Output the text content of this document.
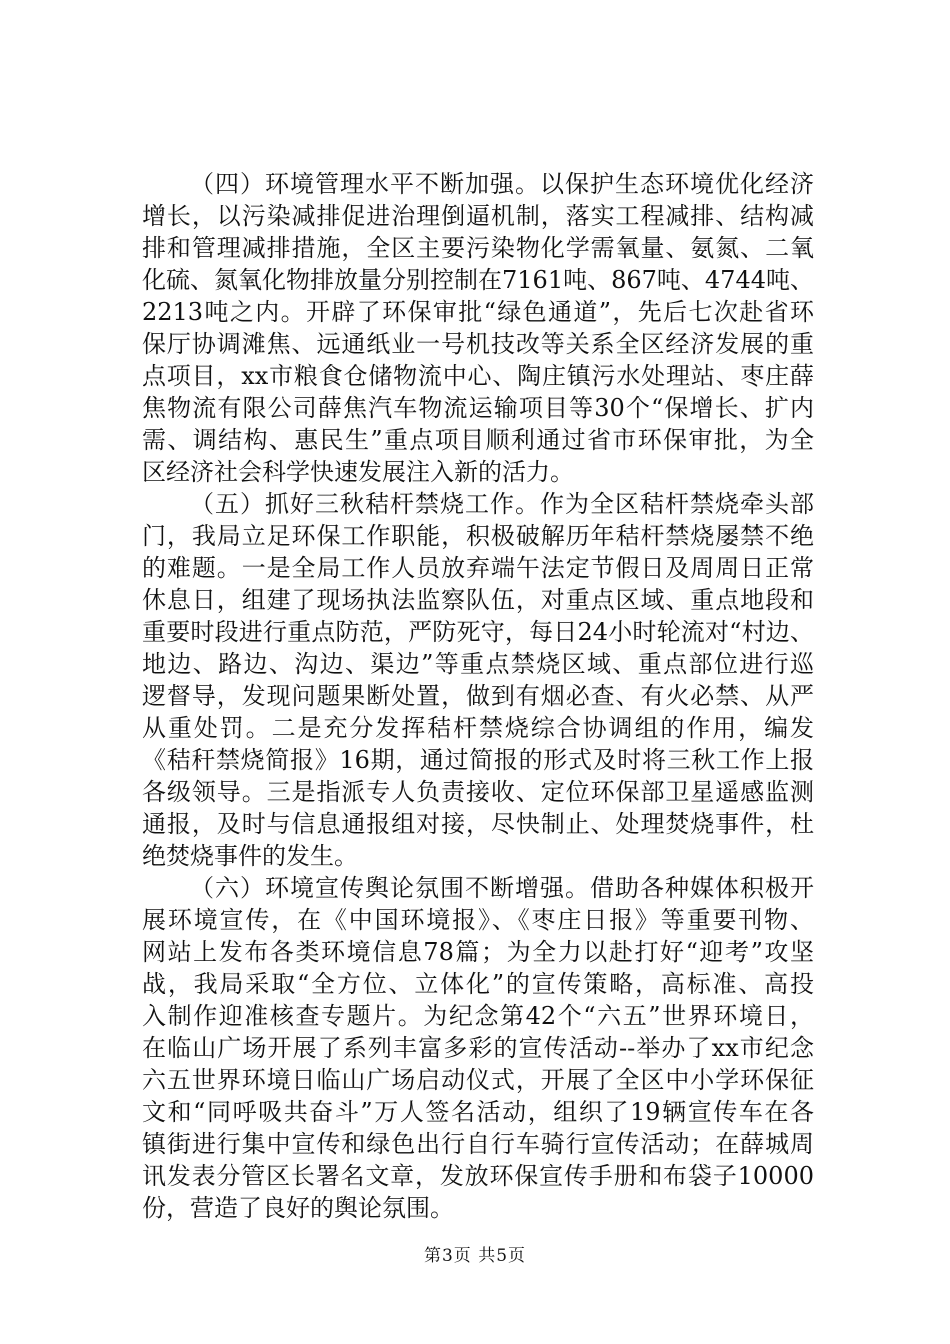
（四）环境管理水平不断加强。以保护生态环境优化经济
增长，以污染减排促进治理倒逼机制，落实工程减排、结构减
排和管理减排措施，全区主要污染物化学需氧量、氨氮、二氧
化硫、氮氧化物排放量分别控制在7161吨、867吨、4744吨、
2213吨之内。开辟了环保审批“绿色通道”，先后七次赴省环
保厅协调滩焦、远通纸业一号机技改等关系全区经济发展的重
点项目，xx市粮食仓储物流中心、陶庄镇污水处理站、枣庄薛
焦物流有限公司薛焦汽车物流运输项目等30个“保增长、扩内
需、调结构、惠民生”重点项目顺利通过省市环保审批，为全
区经济社会科学快速发展注入新的活力。
（五）抓好三秋秸杆禁烧工作。作为全区秸杆禁烧牵头部
门，我局立足环保工作职能，积极破解历年秸杆禁烧屡禁不绝
的难题。一是全局工作人员放弃端午法定节假日及周周日正常
休息日，组建了现场执法监察队伍，对重点区域、重点地段和
重要时段进行重点防范，严防死守，每日24小时轮流对“村边、
地边、路边、沟边、渠边”等重点禁烧区域、重点部位进行巡
逻督导，发现问题果断处置，做到有烟必查、有火必禁、从严
从重处罚。二是充分发挥秸杆禁烧综合协调组的作用，编发
《秸秆禁烧简报》16期，通过简报的形式及时将三秋工作上报
各级领导。三是指派专人负责接收、定位环保部卫星遥感监测
通报，及时与信息通报组对接，尽快制止、处理焚烧事件，杜
绝焚烧事件的发生。
（六）环境宣传舆论氛围不断增强。借助各种媒体积极开
展环境宣传，在《中国环境报》、《枣庄日报》等重要刊物、
网站上发布各类环境信息78篇；为全力以赴打好“迎考”攻坚
战，我局采取“全方位、立体化”的宣传策略，高标准、高投
入制作迎准核查专题片。为纪念第42个“六五”世界环境日，
在临山广场开展了系列丰富多彩的宣传活动--举办了xx市纪念
六五世界环境日临山广场启动仪式，开展了全区中小学环保征
文和“同呼吸共奋斗”万人签名活动，组织了19辆宣传车在各
镇街进行集中宣传和绿色出行自行车骑行宣传活动；在薛城周
讯发表分管区长署名文章，发放环保宣传手册和布袋子10000
份，营造了良好的舆论氛围。
第3页 共5页
